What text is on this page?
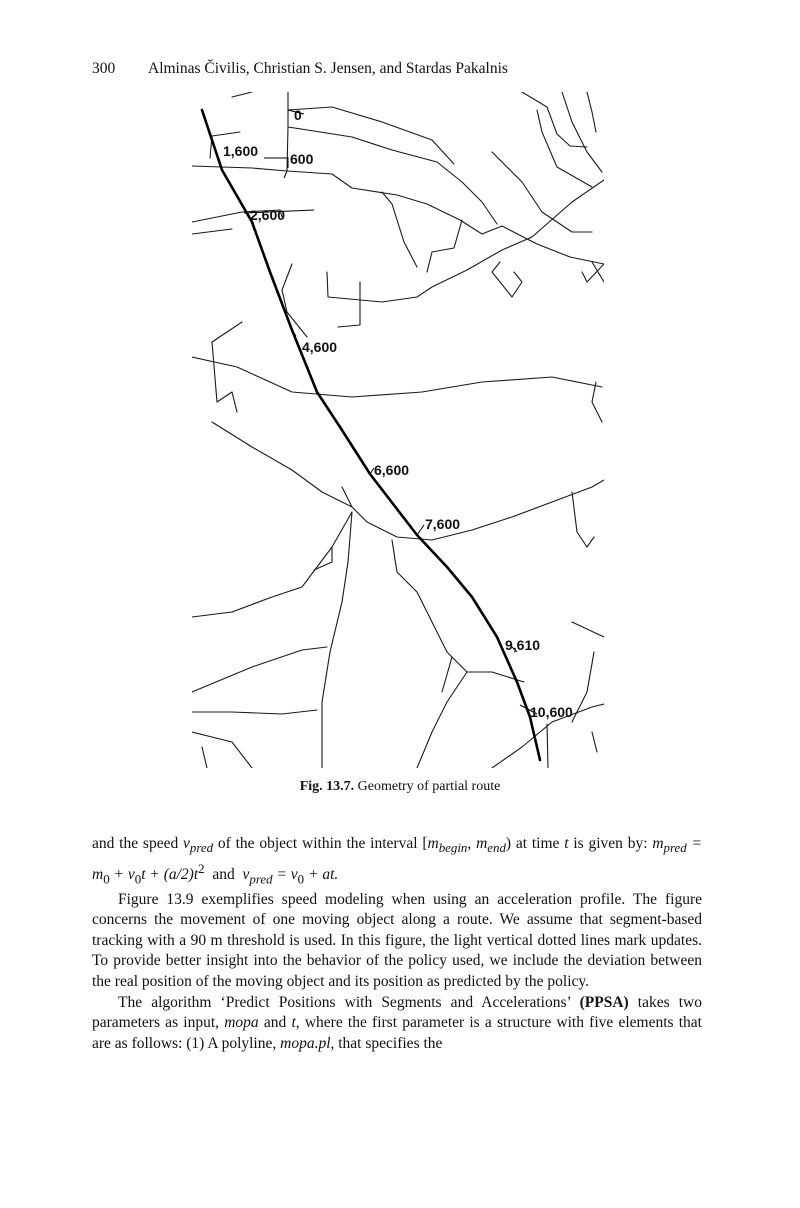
300 Alminas Čivilis, Christian S. Jensen, and Stardas Pakalnis
0
1,600 600
2,600
4,600
6,600
7,600
9,610
10,600
Fig. 13.7. Geometry of partial route

and the speed $v_{pred}$ of the object within the interval [$m_{begin}$, $m_{end}$) at time t is given by: $m_{pred} = m_0 + v_0t + (a/2)t^2$  and  $v_{pred} = v_0$ + at.

Figure 13.9 exemplifies speed modeling when using an acceleration profile. The figure concerns the movement of one moving object along a route. We assume that segment-based tracking with a 90 m threshold is used. In this figure, the light vertical dotted lines mark updates. To provide better insight into the behavior of the policy used, we include the deviation between the real position of the moving object and its position as predicted by the policy.

The algorithm ‘Predict Positions with Segments and Accelerations’ (PPSA) takes two parameters as input, mopa and t, where the first parameter is a structure with five elements that are as follows: (1) A polyline, mopa.pl, that specifies the
